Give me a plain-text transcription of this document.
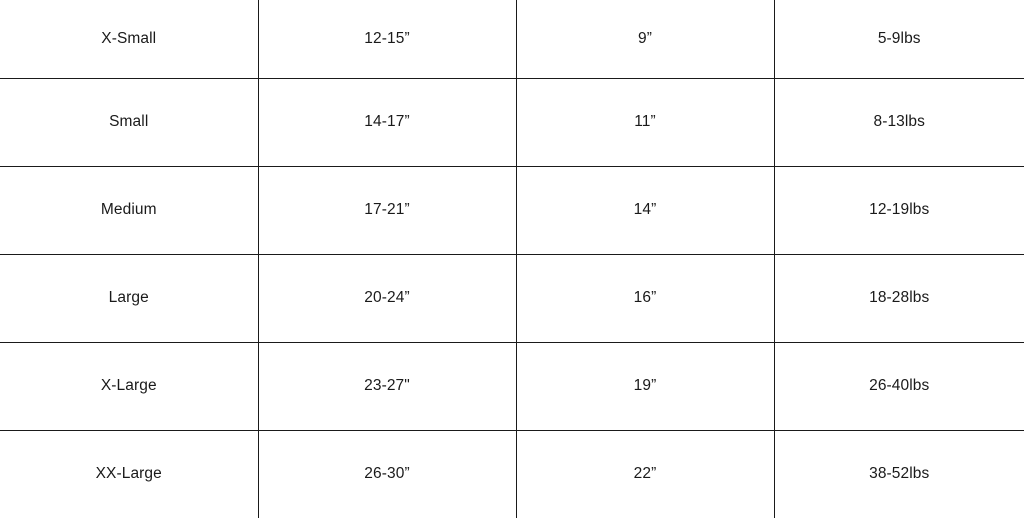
X-Small	12-15”	9”	5-9lbs
Small	14-17”	11”	8-13lbs
Medium	17-21”	14”	12-19lbs
Large	20-24”	16”	18-28lbs
X-Large	23-27"	19”	26-40lbs
XX-Large	26-30”	22”	38-52lbs
